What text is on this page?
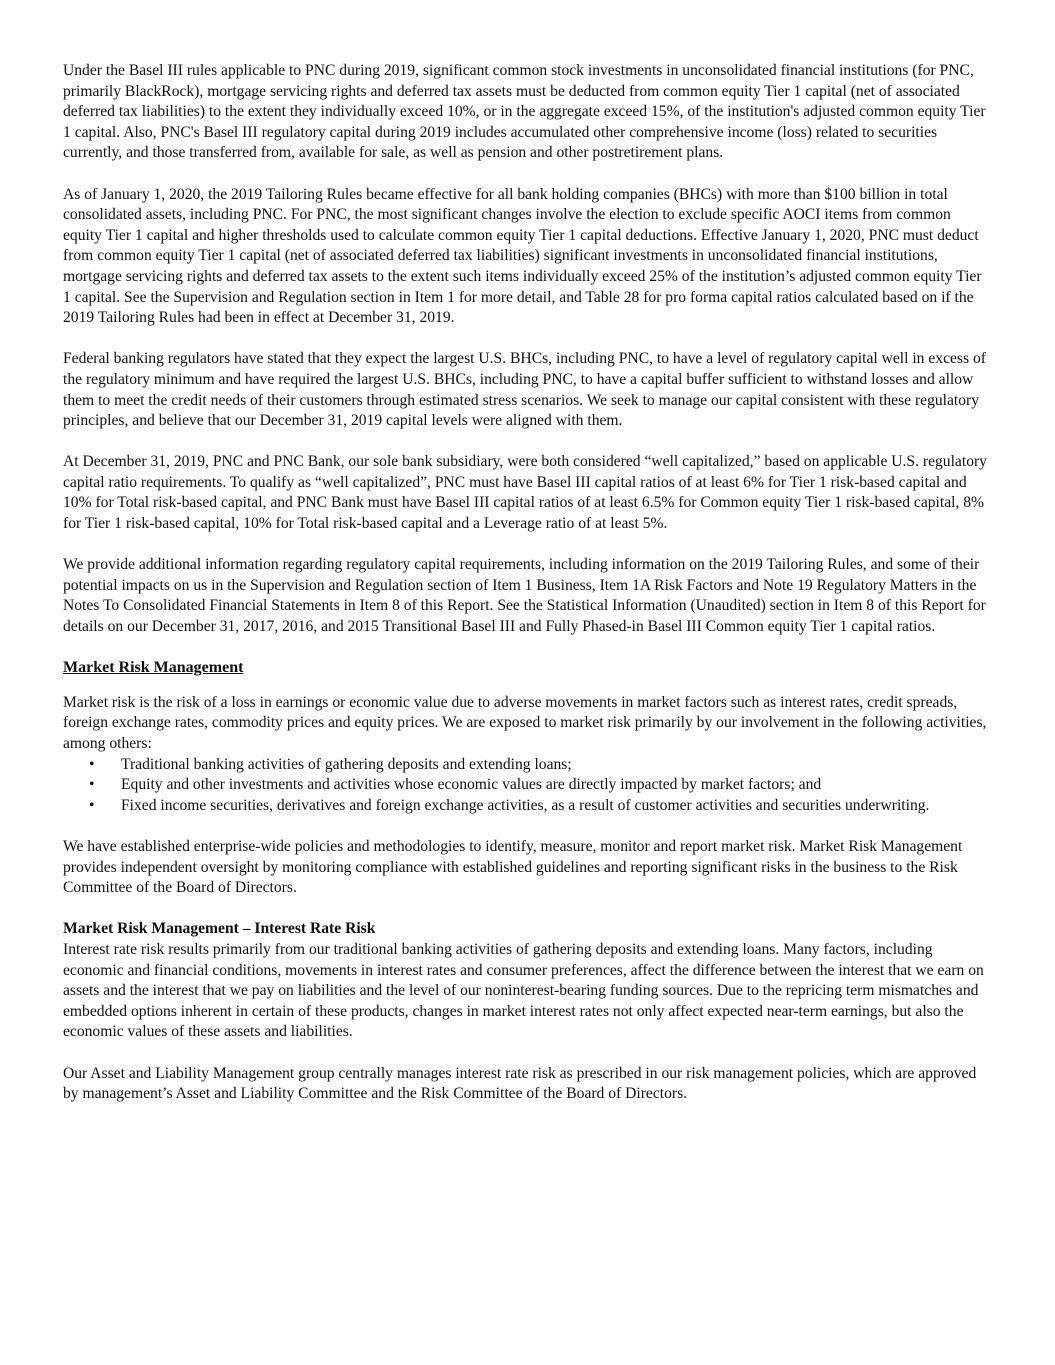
Under the Basel III rules applicable to PNC during 2019, significant common stock investments in unconsolidated financial institutions (for PNC, primarily BlackRock), mortgage servicing rights and deferred tax assets must be deducted from common equity Tier 1 capital (net of associated deferred tax liabilities) to the extent they individually exceed 10%, or in the aggregate exceed 15%, of the institution's adjusted common equity Tier 1 capital. Also, PNC's Basel III regulatory capital during 2019 includes accumulated other comprehensive income (loss) related to securities currently, and those transferred from, available for sale, as well as pension and other postretirement plans.

As of January 1, 2020, the 2019 Tailoring Rules became effective for all bank holding companies (BHCs) with more than $100 billion in total consolidated assets, including PNC. For PNC, the most significant changes involve the election to exclude specific AOCI items from common equity Tier 1 capital and higher thresholds used to calculate common equity Tier 1 capital deductions. Effective January 1, 2020, PNC must deduct from common equity Tier 1 capital (net of associated deferred tax liabilities) significant investments in unconsolidated financial institutions, mortgage servicing rights and deferred tax assets to the extent such items individually exceed 25% of the institution’s adjusted common equity Tier 1 capital. See the Supervision and Regulation section in Item 1 for more detail, and Table 28 for pro forma capital ratios calculated based on if the 2019 Tailoring Rules had been in effect at December 31, 2019.

Federal banking regulators have stated that they expect the largest U.S. BHCs, including PNC, to have a level of regulatory capital well in excess of the regulatory minimum and have required the largest U.S. BHCs, including PNC, to have a capital buffer sufficient to withstand losses and allow them to meet the credit needs of their customers through estimated stress scenarios. We seek to manage our capital consistent with these regulatory principles, and believe that our December 31, 2019 capital levels were aligned with them.

At December 31, 2019, PNC and PNC Bank, our sole bank subsidiary, were both considered “well capitalized,” based on applicable U.S. regulatory capital ratio requirements. To qualify as “well capitalized”, PNC must have Basel III capital ratios of at least 6% for Tier 1 risk-based capital and 10% for Total risk-based capital, and PNC Bank must have Basel III capital ratios of at least 6.5% for Common equity Tier 1 risk-based capital, 8% for Tier 1 risk-based capital, 10% for Total risk-based capital and a Leverage ratio of at least 5%.

We provide additional information regarding regulatory capital requirements, including information on the 2019 Tailoring Rules, and some of their potential impacts on us in the Supervision and Regulation section of Item 1 Business, Item 1A Risk Factors and Note 19 Regulatory Matters in the Notes To Consolidated Financial Statements in Item 8 of this Report. See the Statistical Information (Unaudited) section in Item 8 of this Report for details on our December 31, 2017, 2016, and 2015 Transitional Basel III and Fully Phased-in Basel III Common equity Tier 1 capital ratios.

Market Risk Management

Market risk is the risk of a loss in earnings or economic value due to adverse movements in market factors such as interest rates, credit spreads, foreign exchange rates, commodity prices and equity prices. We are exposed to market risk primarily by our involvement in the following activities, among others:

• Traditional banking activities of gathering deposits and extending loans;
• Equity and other investments and activities whose economic values are directly impacted by market factors; and
• Fixed income securities, derivatives and foreign exchange activities, as a result of customer activities and securities underwriting.

We have established enterprise-wide policies and methodologies to identify, measure, monitor and report market risk. Market Risk Management provides independent oversight by monitoring compliance with established guidelines and reporting significant risks in the business to the Risk Committee of the Board of Directors.

Market Risk Management – Interest Rate Risk

Interest rate risk results primarily from our traditional banking activities of gathering deposits and extending loans. Many factors, including economic and financial conditions, movements in interest rates and consumer preferences, affect the difference between the interest that we earn on assets and the interest that we pay on liabilities and the level of our noninterest-bearing funding sources. Due to the repricing term mismatches and embedded options inherent in certain of these products, changes in market interest rates not only affect expected near-term earnings, but also the economic values of these assets and liabilities.

Our Asset and Liability Management group centrally manages interest rate risk as prescribed in our risk management policies, which are approved by management’s Asset and Liability Committee and the Risk Committee of the Board of Directors.
